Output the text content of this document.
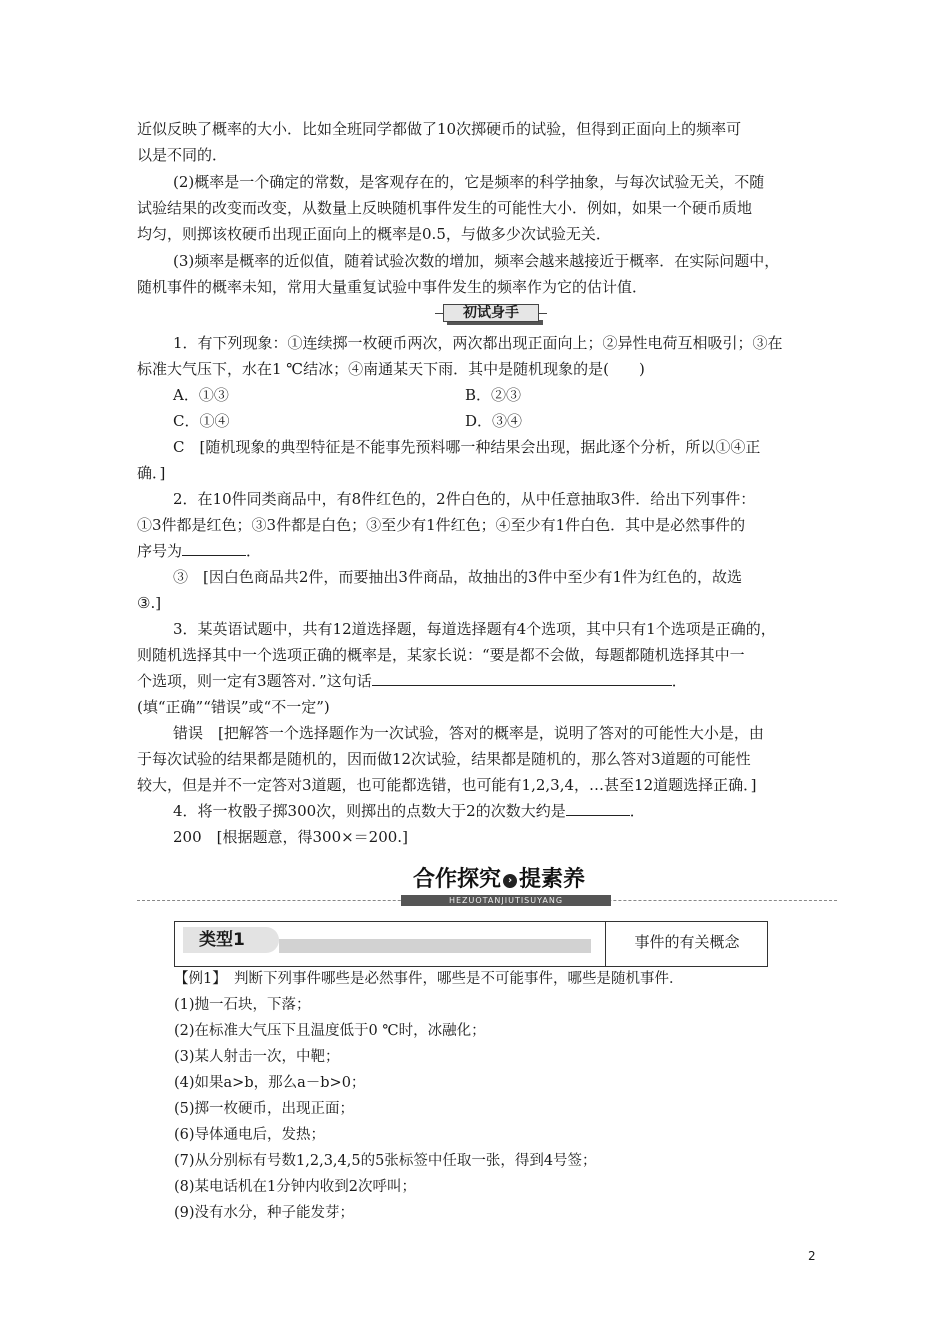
近似反映了概率的大小．比如全班同学都做了10次掷硬币的试验，但得到正面向上的频率可
以是不同的．
(2)概率是一个确定的常数，是客观存在的，它是频率的科学抽象，与每次试验无关，不随
试验结果的改变而改变，从数量上反映随机事件发生的可能性大小．例如，如果一个硬币质地
均匀，则掷该枚硬币出现正面向上的概率是0.5，与做多少次试验无关．
(3)频率是概率的近似值，随着试验次数的增加，频率会越来越接近于概率．在实际问题中，
随机事件的概率未知，常用大量重复试验中事件发生的频率作为它的估计值．
初试身手
1．有下列现象：①连续掷一枚硬币两次，两次都出现正面向上；②异性电荷互相吸引；③在
标准大气压下，水在1 ℃结冰；④南通某天下雨．其中是随机现象的是(　　)
A．①③	B．②③
C．①④	D．③④
C　[随机现象的典型特征是不能事先预料哪一种结果会出现，据此逐个分析，所以①④正
确．]
2．在10件同类商品中，有8件红色的，2件白色的，从中任意抽取3件．给出下列事件：
①3件都是红色；③3件都是白色；③至少有1件红色；④至少有1件白色．其中是必然事件的
序号为	．
③　[因白色商品共2件，而要抽出3件商品，故抽出的3件中至少有1件为红色的，故选
③.]
3．某英语试题中，共有12道选择题，每道选择题有4个选项，其中只有1个选项是正确的，
则随机选择其中一个选项正确的概率是，某家长说：“要是都不会做，每题都随机选择其中一
个选项，则一定有3题答对．”这句话	．
(填“正确”“错误”或“不一定”)
错误　[把解答一个选择题作为一次试验，答对的概率是，说明了答对的可能性大小是，由
于每次试验的结果都是随机的，因而做12次试验，结果都是随机的，那么答对3道题的可能性
较大，但是并不一定答对3道题，也可能都选错，也可能有1,2,3,4，…甚至12道题选择正确．]
4．将一枚骰子掷300次，则掷出的点数大于2的次数大约是	．
200　[根据题意，得300×＝200.]
合作探究 › 提素养
HEZUOTANJIUTISUYANG
类型1	事件的有关概念
【例1】　判断下列事件哪些是必然事件，哪些是不可能事件，哪些是随机事件．
(1)抛一石块，下落；
(2)在标准大气压下且温度低于0 ℃时，冰融化；
(3)某人射击一次，中靶；
(4)如果a>b，那么a－b>0；
(5)掷一枚硬币，出现正面；
(6)导体通电后，发热；
(7)从分别标有号数1,2,3,4,5的5张标签中任取一张，得到4号签；
(8)某电话机在1分钟内收到2次呼叫；
(9)没有水分，种子能发芽；
2
